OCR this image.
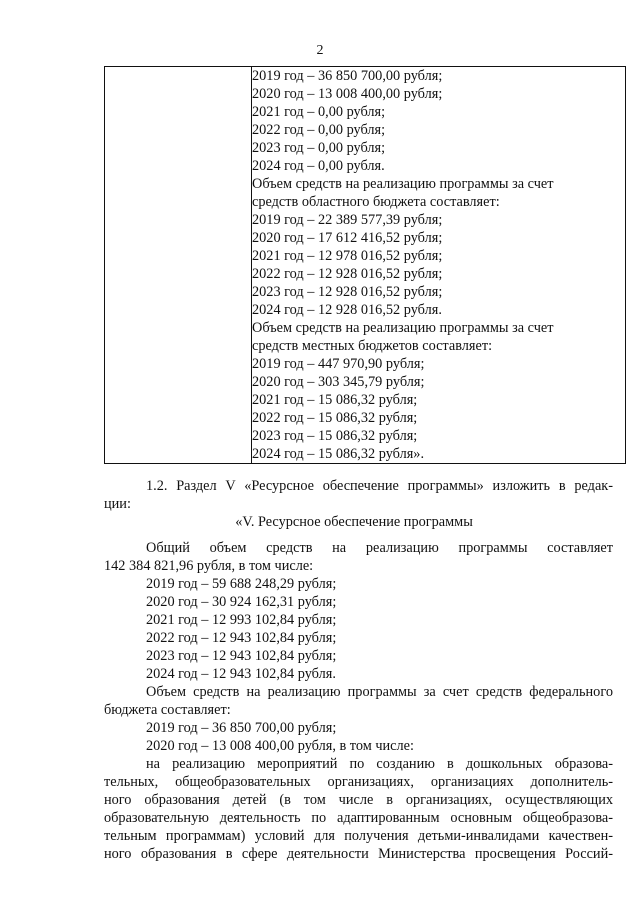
2

2019 год – 36 850 700,00 рубля;
2020 год – 13 008 400,00 рубля;
2021 год – 0,00 рубля;
2022 год – 0,00 рубля;
2023 год – 0,00 рубля;
2024 год – 0,00 рубля.
Объем средств на реализацию программы за счет
средств областного бюджета составляет:
2019 год – 22 389 577,39 рубля;
2020 год – 17 612 416,52 рубля;
2021 год – 12 978 016,52 рубля;
2022 год – 12 928 016,52 рубля;
2023 год – 12 928 016,52 рубля;
2024 год – 12 928 016,52 рубля.
Объем средств на реализацию программы за счет
средств местных бюджетов составляет:
2019 год – 447 970,90 рубля;
2020 год – 303 345,79 рубля;
2021 год – 15 086,32 рубля;
2022 год – 15 086,32 рубля;
2023 год – 15 086,32 рубля;
2024 год – 15 086,32 рубля».
1.2. Раздел V «Ресурсное обеспечение программы» изложить в редак-
ции:
«V. Ресурсное обеспечение программы
Общий объем средств на реализацию программы составляет
142 384 821,96 рубля, в том числе:
2019 год – 59 688 248,29 рубля;
2020 год – 30 924 162,31 рубля;
2021 год – 12 993 102,84 рубля;
2022 год – 12 943 102,84 рубля;
2023 год – 12 943 102,84 рубля;
2024 год – 12 943 102,84 рубля.
Объем средств на реализацию программы за счет средств федерального
бюджета составляет:
2019 год – 36 850 700,00 рубля;
2020 год – 13 008 400,00 рубля, в том числе:
на реализацию мероприятий по созданию в дошкольных образова-
тельных, общеобразовательных организациях, организациях дополнитель-
ного образования детей (в том числе в организациях, осуществляющих
образовательную деятельность по адаптированным основным общеобразова-
тельным программам) условий для получения детьми-инвалидами качествен-
ного образования в сфере деятельности Министерства просвещения Россий-
